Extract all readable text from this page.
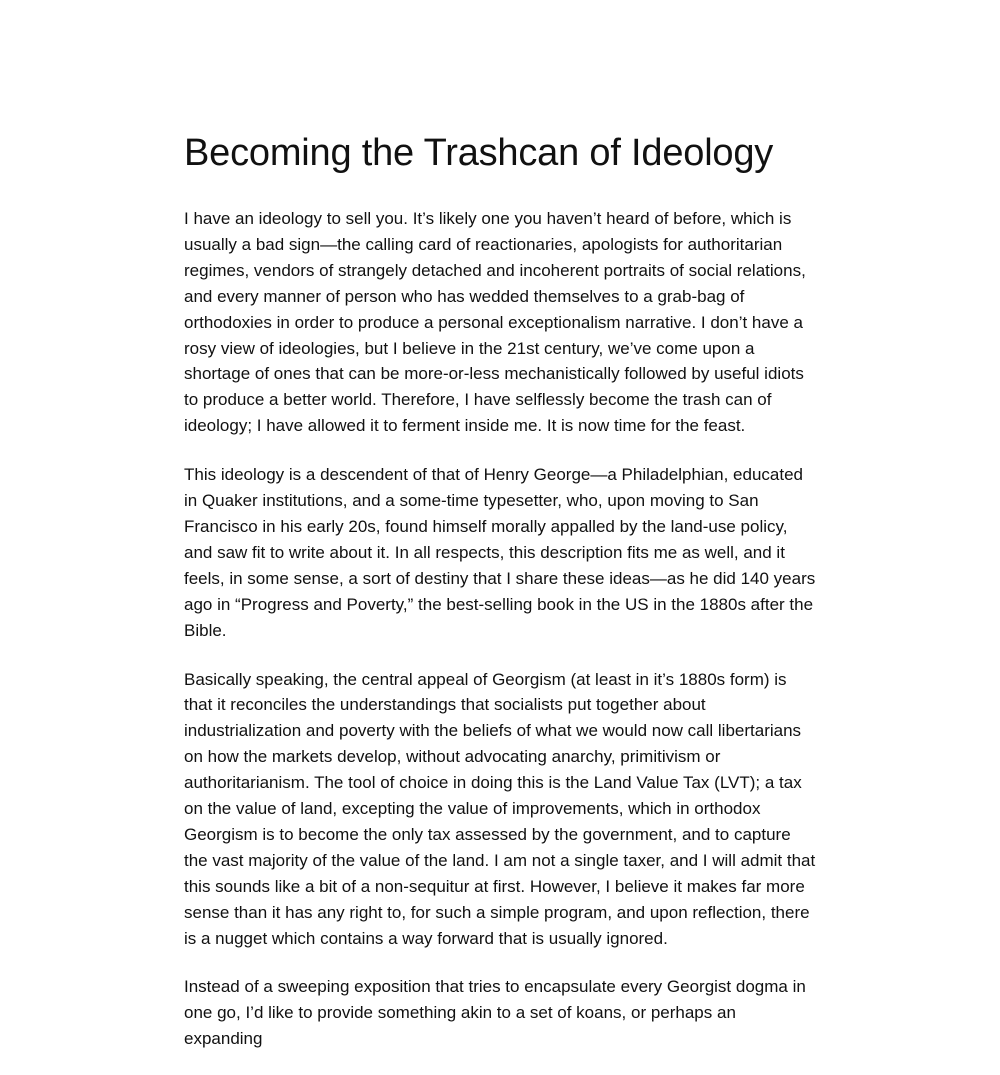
Becoming the Trashcan of Ideology

I have an ideology to sell you. It’s likely one you haven’t heard of before, which is usually a bad sign—the calling card of reactionaries, apologists for authoritarian regimes, vendors of strangely detached and incoherent portraits of social relations, and every manner of person who has wedded themselves to a grab-bag of orthodoxies in order to produce a personal exceptionalism narrative. I don’t have a rosy view of ideologies, but I believe in the 21st century, we’ve come upon a shortage of ones that can be more-or-less mechanistically followed by useful idiots to produce a better world. Therefore, I have selflessly become the trash can of ideology; I have allowed it to ferment inside me. It is now time for the feast.

This ideology is a descendent of that of Henry George—a Philadelphian, educated in Quaker institutions, and a some-time typesetter, who, upon moving to San Francisco in his early 20s, found himself morally appalled by the land-use policy, and saw fit to write about it. In all respects, this description fits me as well, and it feels, in some sense, a sort of destiny that I share these ideas—as he did 140 years ago in “Progress and Poverty,” the best-selling book in the US in the 1880s after the Bible.

Basically speaking, the central appeal of Georgism (at least in it’s 1880s form) is that it reconciles the understandings that socialists put together about industrialization and poverty with the beliefs of what we would now call libertarians on how the markets develop, without advocating anarchy, primitivism or authoritarianism. The tool of choice in doing this is the Land Value Tax (LVT); a tax on the value of land, excepting the value of improvements, which in orthodox Georgism is to become the only tax assessed by the government, and to capture the vast majority of the value of the land. I am not a single taxer, and I will admit that this sounds like a bit of a non-sequitur at first. However, I believe it makes far more sense than it has any right to, for such a simple program, and upon reflection, there is a nugget which contains a way forward that is usually ignored.

Instead of a sweeping exposition that tries to encapsulate every Georgist dogma in one go, I’d like to provide something akin to a set of koans, or perhaps an expanding
